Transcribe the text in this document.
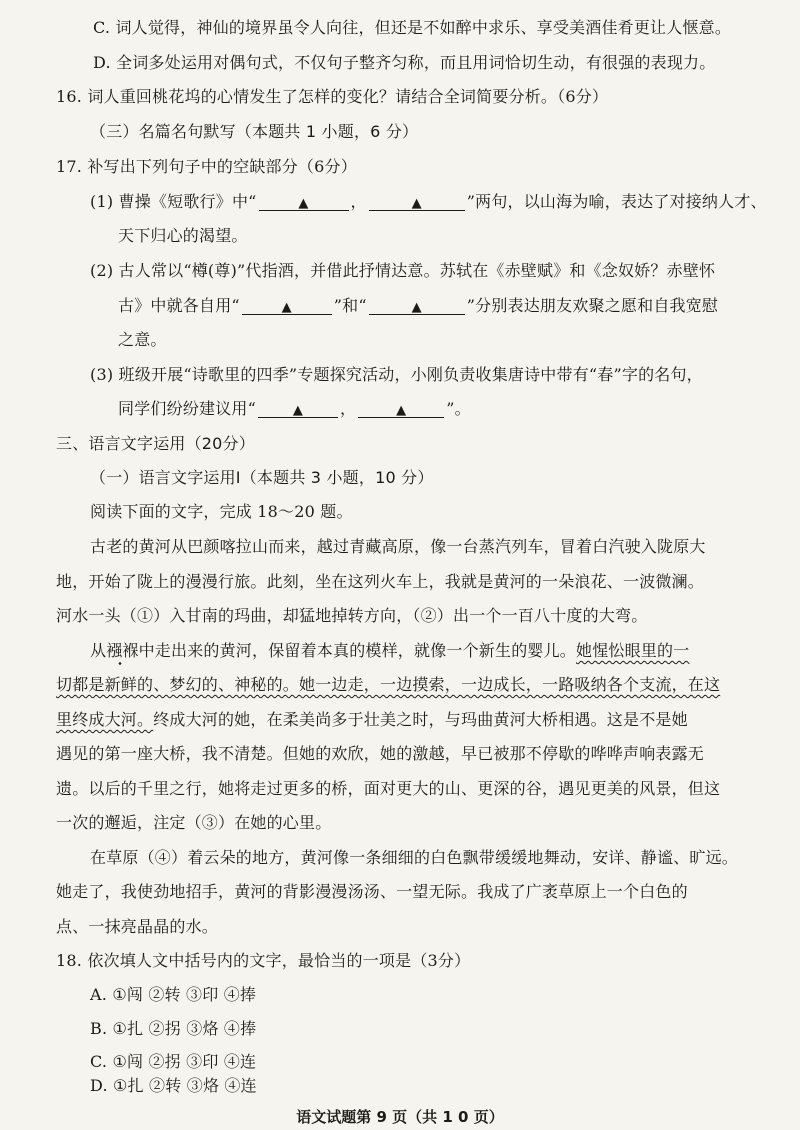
C. 词人觉得，神仙的境界虽令人向往，但还是不如醉中求乐、享受美酒佳肴更让人惬意。
D. 全词多处运用对偶句式，不仅句子整齐匀称，而且用词恰切生动，有很强的表现力。
16. 词人重回桃花坞的心情发生了怎样的变化？请结合全词简要分析。（6分）
（三）名篇名句默写（本题共 1 小题，6 分）
17. 补写出下列句子中的空缺部分（6分）
(1) 曹操《短歌行》中“	▲	，	▲	”两句，以山海为喻，表达了对接纳人才、
天下归心的渴望。
(2) 古人常以“樽(尊)”代指酒，并借此抒情达意。苏轼在《赤壁赋》和《念奴娇？赤壁怀
古》中就各自用“	▲	”和“	▲	”分别表达朋友欢聚之愿和自我宽慰
之意。
(3) 班级开展“诗歌里的四季”专题探究活动，小刚负责收集唐诗中带有“春”字的名句，
同学们纷纷建议用“	▲ ，	▲ ”。
三、语言文字运用（20分）
（一）语言文字运用Ⅰ（本题共 3 小题，10 分）
阅读下面的文字，完成 18～20 题。
古老的黄河从巴颜喀拉山而来，越过青藏高原，像一台蒸汽列车，冒着白汽驶入陇原大
地，开始了陇上的漫漫行旅。此刻，坐在这列火车上，我就是黄河的一朵浪花、一波微澜。
河水一头（①）入甘南的玛曲，却猛地掉转方向，（②）出一个一百八十度的大弯。
从襁褓中走出来的黄河，保留着本真的模样，就像一个新生的婴儿。她惺忪眼里的一
切都是新鲜的、梦幻的、神秘的。她一边走，一边摸索，一边成长，一路吸纳各个支流，在这
里终成大河。终成大河的她，在柔美尚多于壮美之时，与玛曲黄河大桥相遇。这是不是她
遇见的第一座大桥，我不清楚。但她的欢欣，她的激越，早已被那不停歇的哗哗声响表露无
遗。以后的千里之行，她将走过更多的桥，面对更大的山、更深的谷，遇见更美的风景，但这
一次的邂逅，注定（③）在她的心里。
在草原（④）着云朵的地方，黄河像一条细细的白色飘带缓缓地舞动，安详、静谧、旷远。
她走了，我使劲地招手，黄河的背影漫漫汤汤、一望无际。我成了广袤草原上一个白色的
点、一抹亮晶晶的水。
18. 依次填人文中括号内的文字，最恰当的一项是（3分）
A. ①闯 ②转 ③印 ④捧
B. ①扎 ②拐 ③烙 ④捧
C. ①闯 ②拐 ③印 ④连
D. ①扎 ②转 ③烙 ④连
语文试题第 9 页（共 1 0 页）
